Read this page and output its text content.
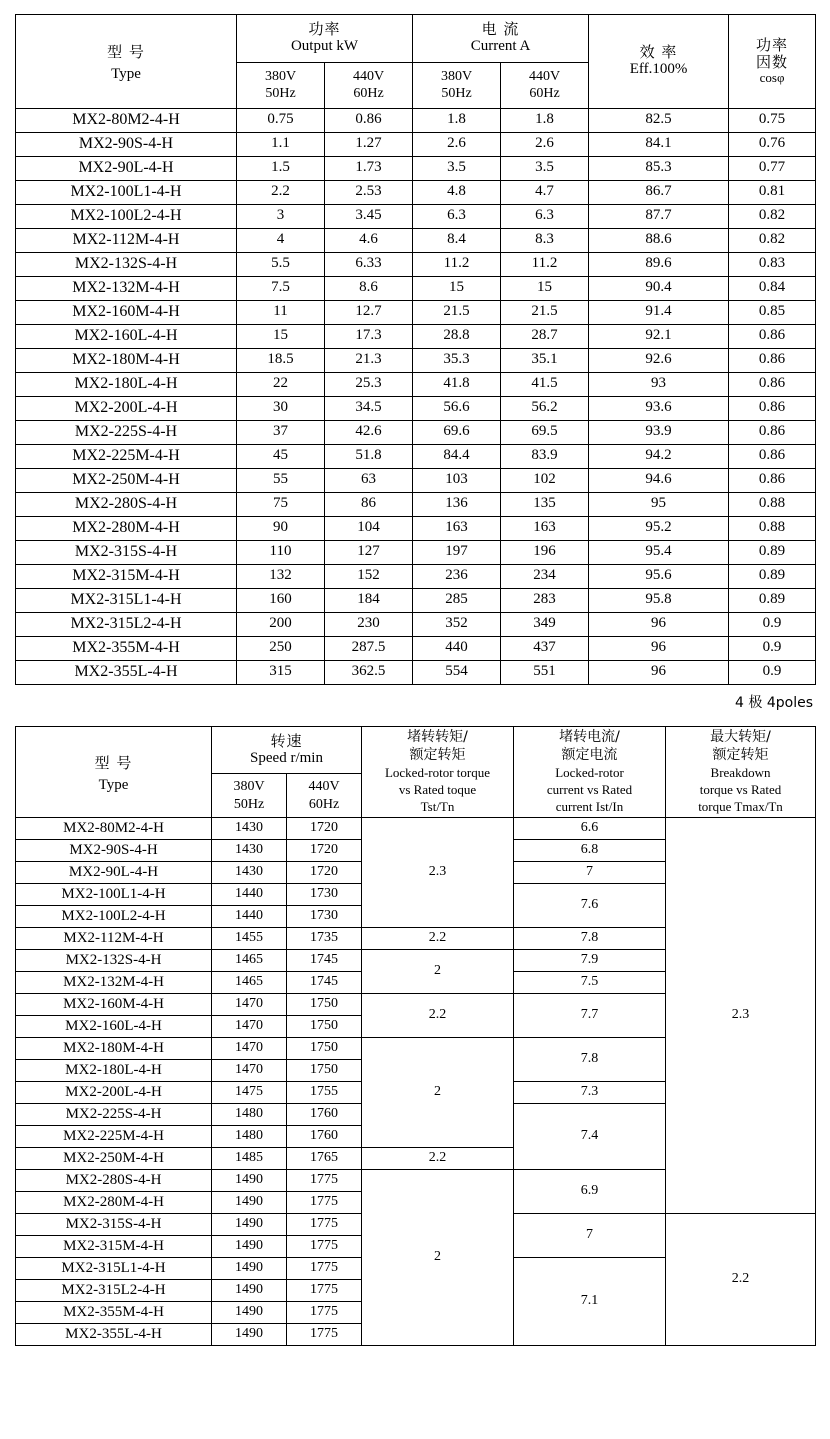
型 号
Type

功率
Output kW

电 流
Current A	效 率
Eff.100%

功率
因数
cosφ

380V
50Hz

440V
60Hz

380V
50Hz

440V
60Hz

MX2-80M2-4-H	0.75	0.86	1.8	1.8	82.5	0.75
MX2-90S-4-H	1.1	1.27	2.6	2.6	84.1	0.76
MX2-90L-4-H	1.5	1.73	3.5	3.5	85.3	0.77
MX2-100L1-4-H	2.2	2.53	4.8	4.7	86.7	0.81
MX2-100L2-4-H	3	3.45	6.3	6.3	87.7	0.82
MX2-112M-4-H	4	4.6	8.4	8.3	88.6	0.82
MX2-132S-4-H	5.5	6.33	11.2	11.2	89.6	0.83
MX2-132M-4-H	7.5	8.6	15	15	90.4	0.84
MX2-160M-4-H	11	12.7	21.5	21.5	91.4	0.85
MX2-160L-4-H	15	17.3	28.8	28.7	92.1	0.86
MX2-180M-4-H	18.5	21.3	35.3	35.1	92.6	0.86
MX2-180L-4-H	22	25.3	41.8	41.5	93	0.86
MX2-200L-4-H	30	34.5	56.6	56.2	93.6	0.86
MX2-225S-4-H	37	42.6	69.6	69.5	93.9	0.86
MX2-225M-4-H	45	51.8	84.4	83.9	94.2	0.86
MX2-250M-4-H	55	63	103	102	94.6	0.86
MX2-280S-4-H	75	86	136	135	95	0.88
MX2-280M-4-H	90	104	163	163	95.2	0.88
MX2-315S-4-H	110	127	197	196	95.4	0.89
MX2-315M-4-H	132	152	236	234	95.6	0.89
MX2-315L1-4-H	160	184	285	283	95.8	0.89
MX2-315L2-4-H	200	230	352	349	96	0.9
MX2-355M-4-H	250	287.5	440	437	96	0.9
MX2-355L-4-H	315	362.5	554	551	96	0.9
4 极 4poles
型 号
Type

转速
Speed r/min

堵转转矩/
额定转矩
Locked-rotor torque
vs Rated toque
Tst/Tn

堵转电流/
额定电流
Locked-rotor
current vs Rated
current Ist/In

最大转矩/
额定转矩
Breakdown
torque vs Rated
torque Tmax/Tn

380V
50Hz

440V
60Hz

MX2-80M2-4-H	1430	1720	2.3	6.6	2.3
MX2-90S-4-H	1430	1720		6.8	
MX2-90L-4-H	1430	1720		7	
MX2-100L1-4-H	1440	1730		7.6	
MX2-100L2-4-H	1440	1730			
MX2-112M-4-H	1455	1735	2.2	7.8	
MX2-132S-4-H	1465	1745	2	7.9	
MX2-132M-4-H	1465	1745		7.5	
MX2-160M-4-H	1470	1750	2.2	7.7	
MX2-160L-4-H	1470	1750			
MX2-180M-4-H	1470	1750	2	7.8	
MX2-180L-4-H	1470	1750			
MX2-200L-4-H	1475	1755		7.3	
MX2-225S-4-H	1480	1760		7.4	
MX2-225M-4-H	1480	1760			
MX2-250M-4-H	1485	1765	2.2		
MX2-280S-4-H	1490	1775	2	6.9	
MX2-280M-4-H	1490	1775			
MX2-315S-4-H	1490	1775		7	2.2
MX2-315M-4-H	1490	1775			
MX2-315L1-4-H	1490	1775		7.1	
MX2-315L2-4-H	1490	1775			
MX2-355M-4-H	1490	1775			
MX2-355L-4-H	1490	1775			
